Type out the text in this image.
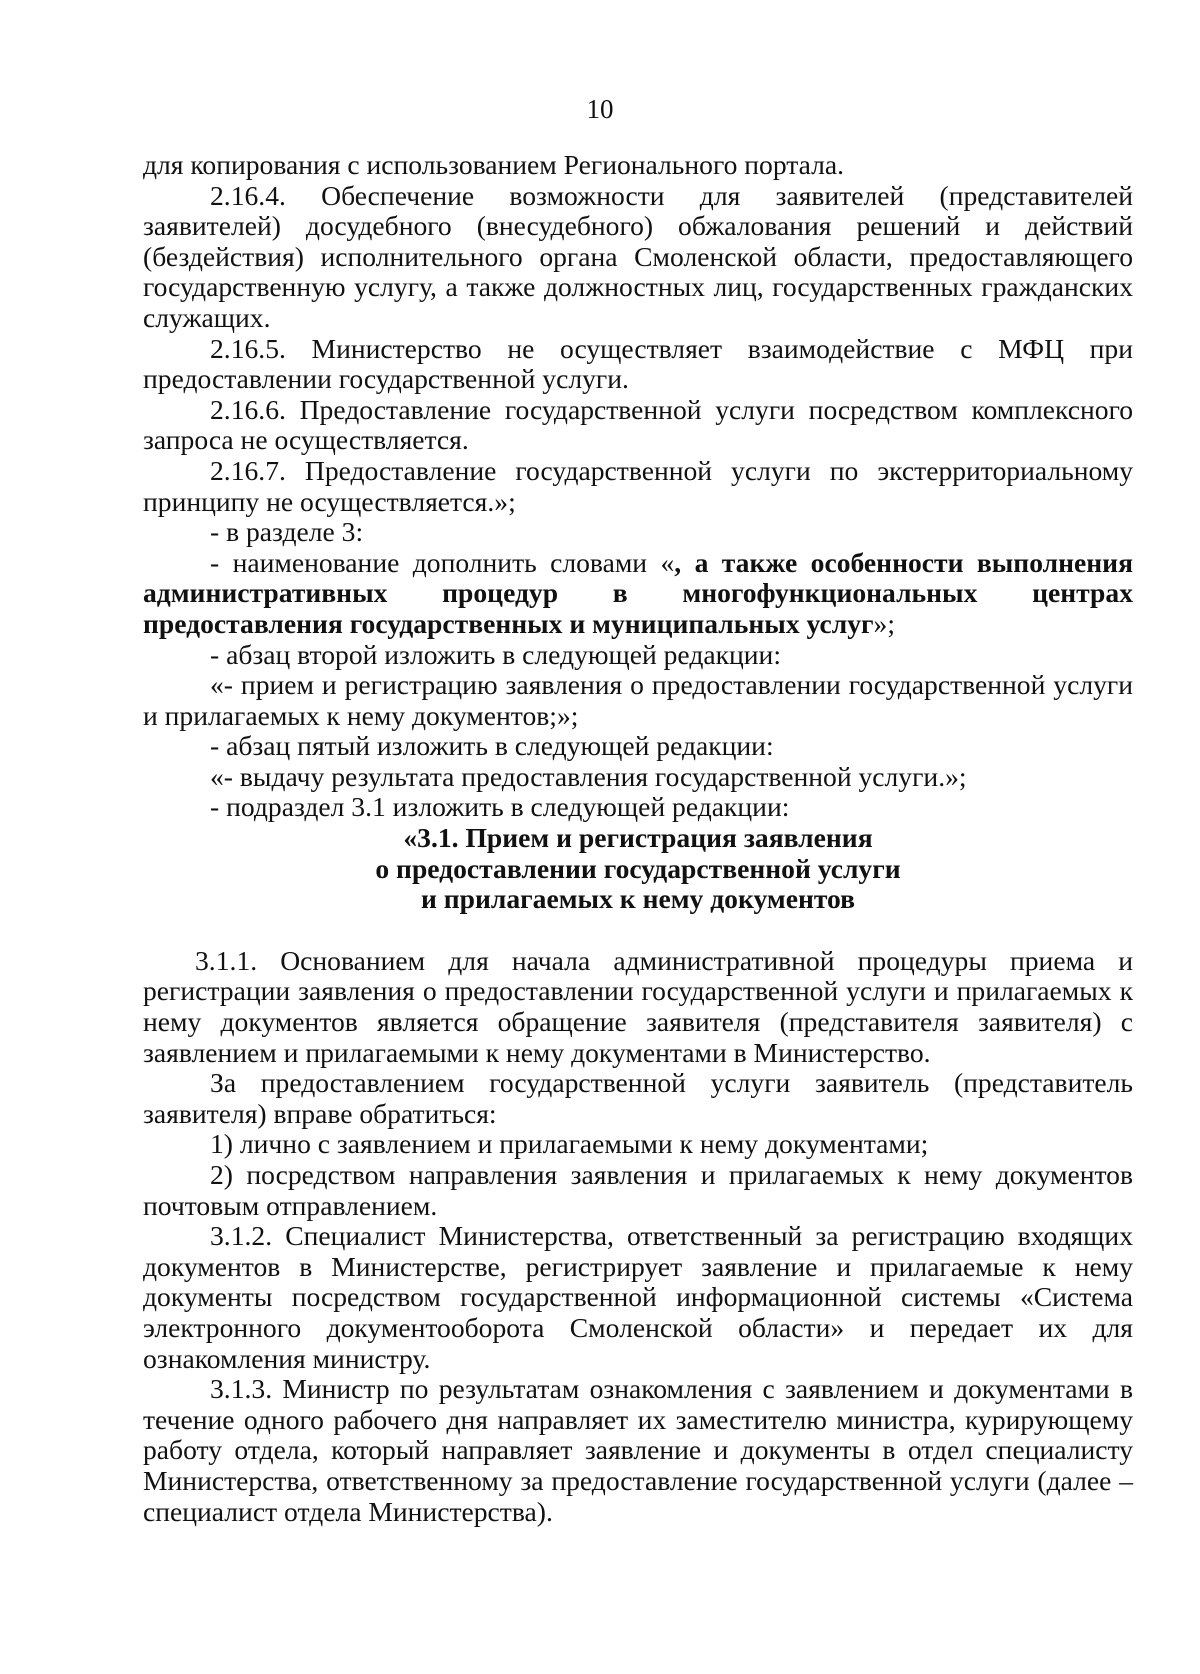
10

для копирования с использованием Регионального портала.

2.16.4. Обеспечение возможности для заявителей (представителей заявителей) досудебного (внесудебного) обжалования решений и действий (бездействия) исполнительного органа Смоленской области, предоставляющего государственную услугу, а также должностных лиц, государственных гражданских служащих.

2.16.5. Министерство не осуществляет взаимодействие с МФЦ при предоставлении государственной услуги.

2.16.6. Предоставление государственной услуги посредством комплексного запроса не осуществляется.

2.16.7. Предоставление государственной услуги по экстерриториальному принципу не осуществляется.»;

- в разделе 3:

- наименование дополнить словами «, а также особенности выполнения административных процедур в многофункциональных центрах предоставления государственных и муниципальных услуг»;

- абзац второй изложить в следующей редакции:

«- прием и регистрацию заявления о предоставлении государственной услуги и прилагаемых к нему документов;»;

- абзац пятый изложить в следующей редакции:

«- выдачу результата предоставления государственной услуги.»;

- подраздел 3.1 изложить в следующей редакции:

«3.1. Прием и регистрация заявления

о предоставлении государственной услуги

и прилагаемых к нему документов

3.1.1. Основанием для начала административной процедуры приема и регистрации заявления о предоставлении государственной услуги и прилагаемых к нему документов является обращение заявителя (представителя заявителя) с заявлением и прилагаемыми к нему документами в Министерство.

За предоставлением государственной услуги заявитель (представитель заявителя) вправе обратиться:

1) лично с заявлением и прилагаемыми к нему документами;

2) посредством направления заявления и прилагаемых к нему документов почтовым отправлением.

3.1.2. Специалист Министерства, ответственный за регистрацию входящих документов в Министерстве, регистрирует заявление и прилагаемые к нему документы посредством государственной информационной системы «Система электронного документооборота Смоленской области» и передает их для ознакомления министру.

3.1.3. Министр по результатам ознакомления с заявлением и документами в течение одного рабочего дня направляет их заместителю министра, курирующему работу отдела, который направляет заявление и документы в отдел специалисту Министерства, ответственному за предоставление государственной услуги (далее – специалист отдела Министерства).
